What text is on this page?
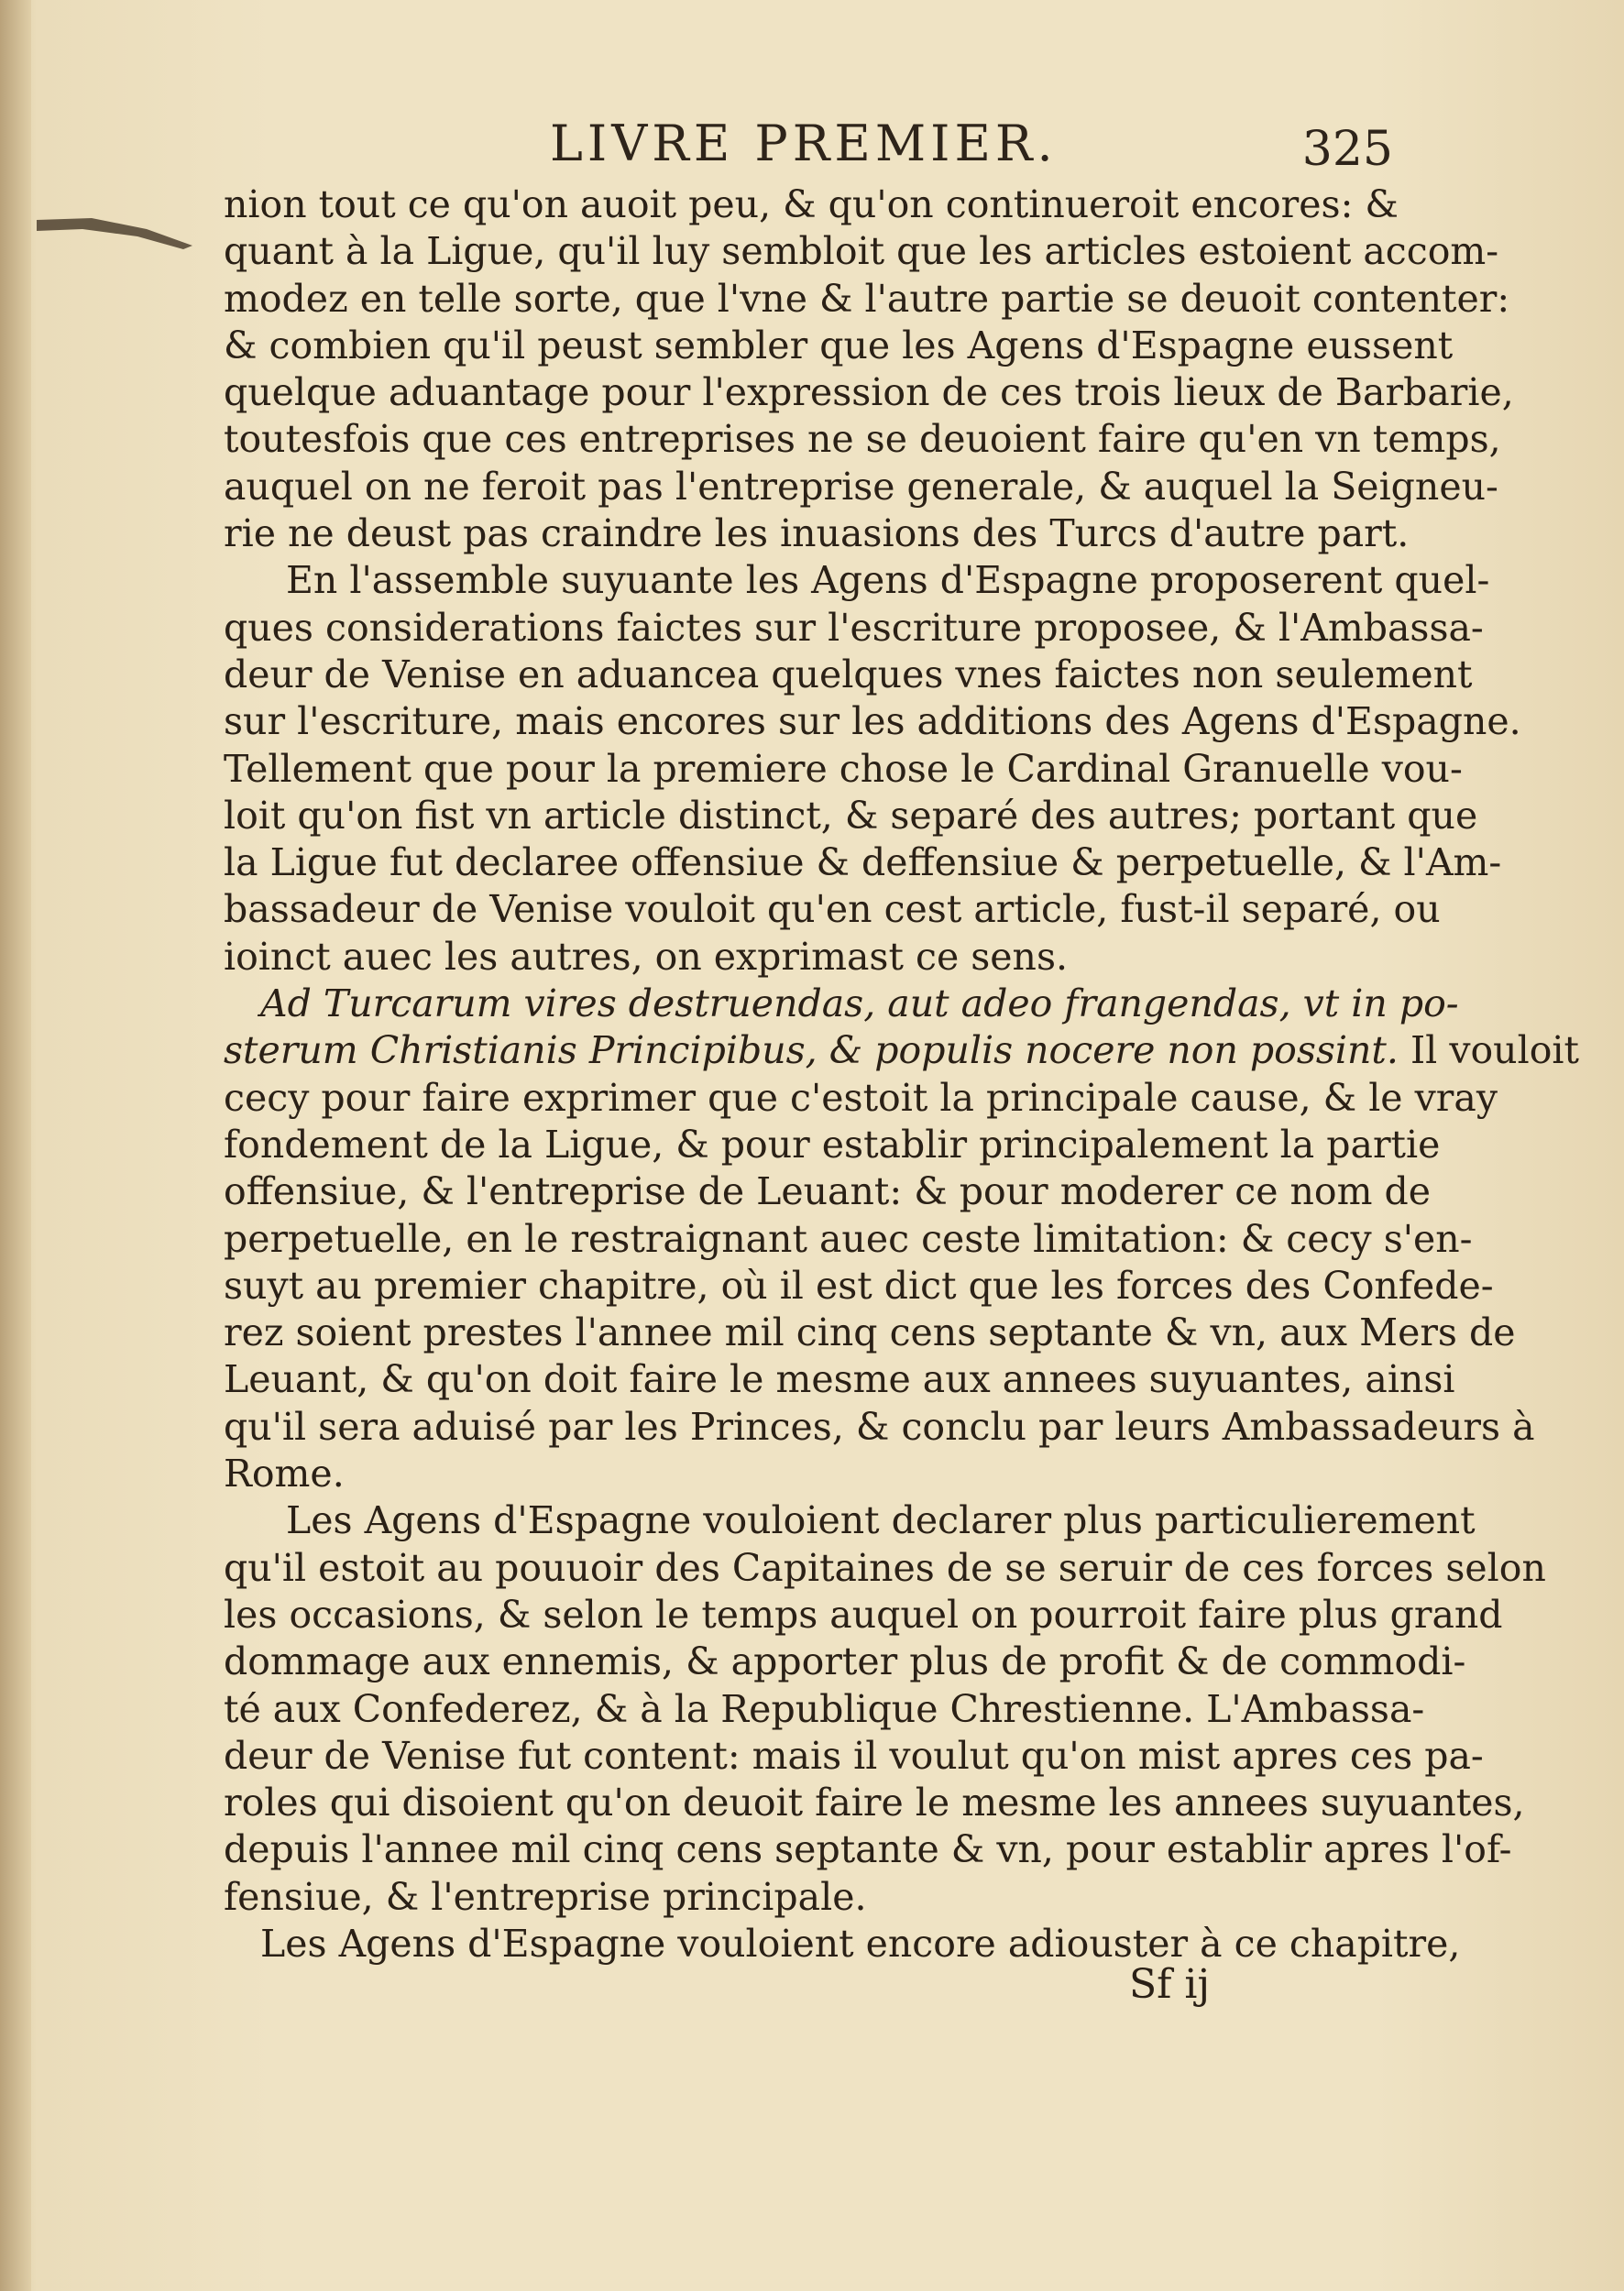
LIVRE PREMIER.	325
nion tout ce qu'on auoit peu, & qu'on continueroit encores: &
quant à la Ligue, qu'il luy sembloit que les articles estoient accom-
modez en telle sorte, que l'vne & l'autre partie se deuoit contenter:
& combien qu'il peust sembler que les Agens d'Espagne eussent
quelque aduantage pour l'expression de ces trois lieux de Barbarie,
toutesfois que ces entreprises ne se deuoient faire qu'en vn temps,
auquel on ne feroit pas l'entreprise generale, & auquel la Seigneu-
rie ne deust pas craindre les inuasions des Turcs d'autre part.
En l'assemble suyuante les Agens d'Espagne proposerent quel-
ques considerations faictes sur l'escriture proposee, & l'Ambassa-
deur de Venise en aduancea quelques vnes faictes non seulement
sur l'escriture, mais encores sur les additions des Agens d'Espagne.
Tellement que pour la premiere chose le Cardinal Granuelle vou-
loit qu'on fist vn article distinct, & separé des autres; portant que
la Ligue fut declaree offensiue & deffensiue & perpetuelle, & l'Am-
bassadeur de Venise vouloit qu'en cest article, fust-il separé, ou
ioinct auec les autres, on exprimast ce sens.
Ad Turcarum vires destruendas, aut adeo frangendas, vt in po-
sterum Christianis Principibus, & populis nocere non possint. Il vouloit
cecy pour faire exprimer que c'estoit la principale cause, & le vray
fondement de la Ligue, & pour establir principalement la partie
offensiue, & l'entreprise de Leuant: & pour moderer ce nom de
perpetuelle, en le restraignant auec ceste limitation: & cecy s'en-
suyt au premier chapitre, où il est dict que les forces des Confede-
rez soient prestes l'annee mil cinq cens septante & vn, aux Mers de
Leuant, & qu'on doit faire le mesme aux annees suyuantes, ainsi
qu'il sera aduisé par les Princes, & conclu par leurs Ambassadeurs à
Rome.
Les Agens d'Espagne vouloient declarer plus particulierement
qu'il estoit au pouuoir des Capitaines de se seruir de ces forces selon
les occasions, & selon le temps auquel on pourroit faire plus grand
dommage aux ennemis, & apporter plus de profit & de commodi-
té aux Confederez, & à la Republique Chrestienne. L'Ambassa-
deur de Venise fut content: mais il voulut qu'on mist apres ces pa-
roles qui disoient qu'on deuoit faire le mesme les annees suyuantes,
depuis l'annee mil cinq cens septante & vn, pour establir apres l'of-
fensiue, & l'entreprise principale.
Les Agens d'Espagne vouloient encore adiouster à ce chapitre,
Sf ij
